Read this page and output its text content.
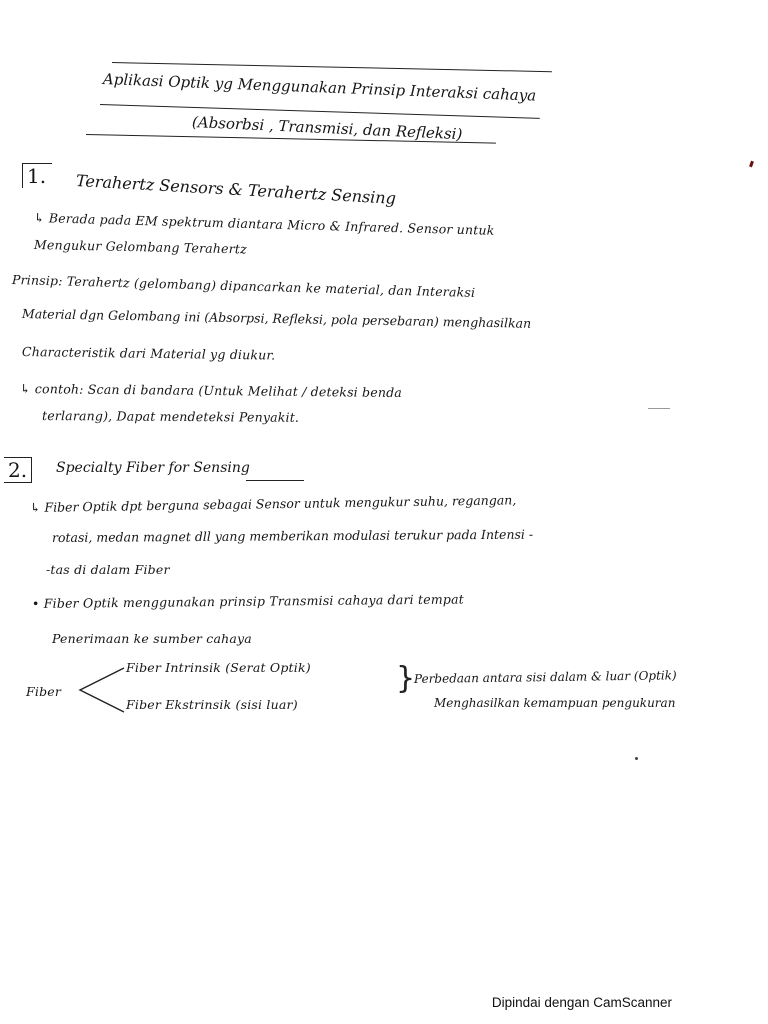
Aplikasi Optik yg Menggunakan Prinsip Interaksi cahaya
(Absorbsi , Transmisi, dan Refleksi)
1.	Terahertz Sensors & Terahertz Sensing
↳ Berada pada EM spektrum diantara Micro & Infrared. Sensor untuk
Mengukur Gelombang Terahertz
Prinsip: Terahertz (gelombang) dipancarkan ke material, dan Interaksi
Material dgn Gelombang ini (Absorpsi, Refleksi, pola persebaran) menghasilkan
Characteristik dari Material yg diukur.
↳ contoh: Scan di bandara (Untuk Melihat / deteksi benda
terlarang), Dapat mendeteksi Penyakit.
2.	Specialty Fiber for Sensing
↳ Fiber Optik dpt berguna sebagai Sensor untuk mengukur suhu, regangan,
rotasi, medan magnet dll yang memberikan modulasi terukur pada Intensi -
-tas di dalam Fiber
• Fiber Optik menggunakan prinsip Transmisi cahaya dari tempat
Penerimaan ke sumber cahaya
Fiber
Fiber Intrinsik (Serat Optik)
Fiber Ekstrinsik (sisi luar)
}
Perbedaan antara sisi dalam & luar (Optik)
Menghasilkan kemampuan pengukuran
Dipindai dengan CamScanner
